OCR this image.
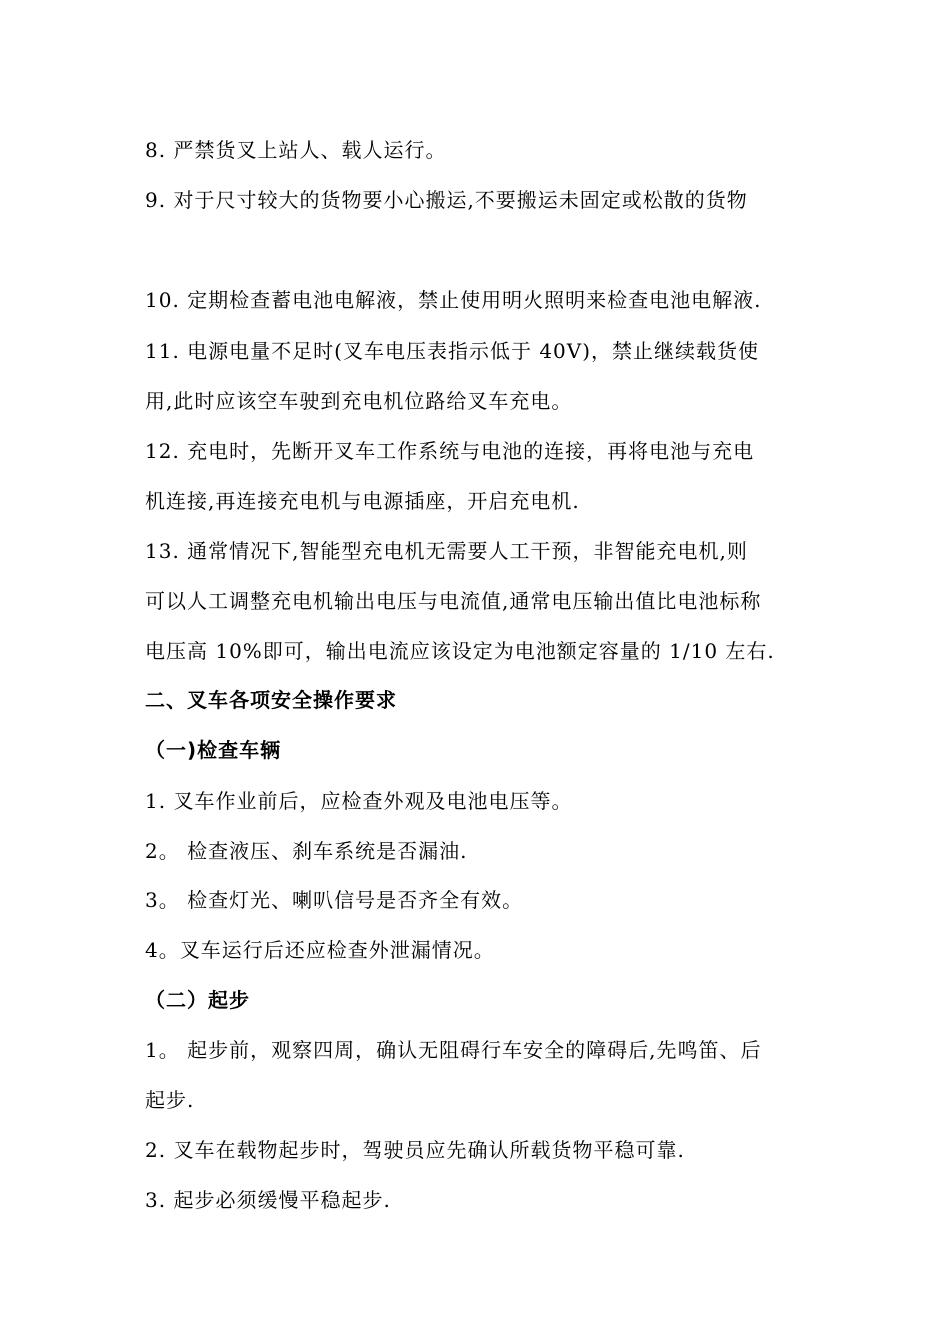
8. 严禁货叉上站人、载人运行。
9. 对于尺寸较大的货物要小心搬运,不要搬运未固定或松散的货物
10. 定期检查蓄电池电解液，禁止使用明火照明来检查电池电解液.
11. 电源电量不足时(叉车电压表指示低于 40V)，禁止继续载货使
用,此时应该空车驶到充电机位路给叉车充电。
12. 充电时，先断开叉车工作系统与电池的连接，再将电池与充电
机连接,再连接充电机与电源插座，开启充电机.
13. 通常情况下,智能型充电机无需要人工干预，非智能充电机,则
可以人工调整充电机输出电压与电流值,通常电压输出值比电池标称
电压高 10%即可，输出电流应该设定为电池额定容量的 1/10 左右.
二、叉车各项安全操作要求
（一)检查车辆
1. 叉车作业前后，应检查外观及电池电压等。
2。 检查液压、刹车系统是否漏油.
3。 检查灯光、喇叭信号是否齐全有效。
4。叉车运行后还应检查外泄漏情况。
（二）起步
1。 起步前，观察四周，确认无阻碍行车安全的障碍后,先鸣笛、后
起步.
2. 叉车在载物起步时，驾驶员应先确认所载货物平稳可靠.
3. 起步必须缓慢平稳起步.
